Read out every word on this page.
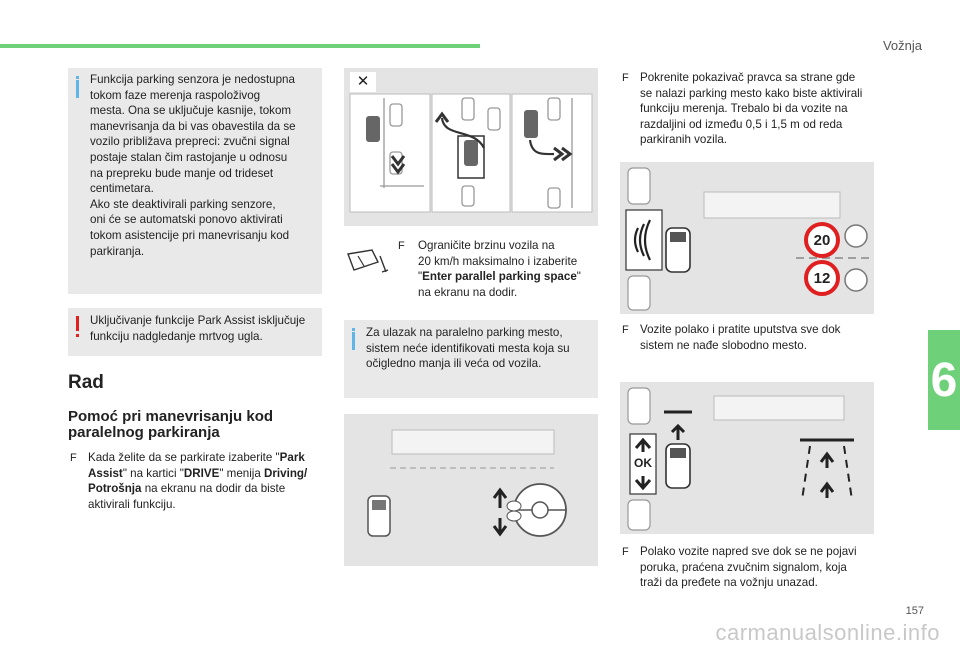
Vožnja
6
157
carmanualsonline.info
Funkcija parking senzora je nedostupna
tokom faze merenja raspoloživog
mesta. Ona se uključuje kasnije, tokom
manevrisanja da bi vas obavestila da se
vozilo približava prepreci: zvučni signal
postaje stalan čim rastojanje u odnosu
na prepreku bude manje od trideset
centimetara.
Ako ste deaktivirali parking senzore,
oni će se automatski ponovo aktivirati
tokom asistencije pri manevrisanju kod
parkiranja.
Uključivanje funkcije Park Assist isključuje
funkciju nadgledanje mrtvog ugla.
Rad
Pomoć pri manevrisanju kod
paralelnog parkiranja
F Kada želite da se parkirate izaberite "Park
Assist" na kartici "DRIVE" menija Driving/
Potrošnja na ekranu na dodir da biste
aktivirali funkciju.
✕
F Ograničite brzinu vozila na
20 km/h maksimalno i izaberite
"Enter parallel parking space"
na ekranu na dodir.
Za ulazak na paralelno parking mesto,
sistem neće identifikovati mesta koja su
očigledno manja ili veća od vozila.
F Pokrenite pokazivač pravca sa strane gde
se nalazi parking mesto kako biste aktivirali
funkciju merenja. Trebalo bi da vozite na
razdaljini od između 0,5 i 1,5 m od reda
parkiranih vozila.
20
12
F Vozite polako i pratite uputstva sve dok
sistem ne nađe slobodno mesto.
OK
F Polako vozite napred sve dok se ne pojavi
poruka, praćena zvučnim signalom, koja
traži da pređete na vožnju unazad.
